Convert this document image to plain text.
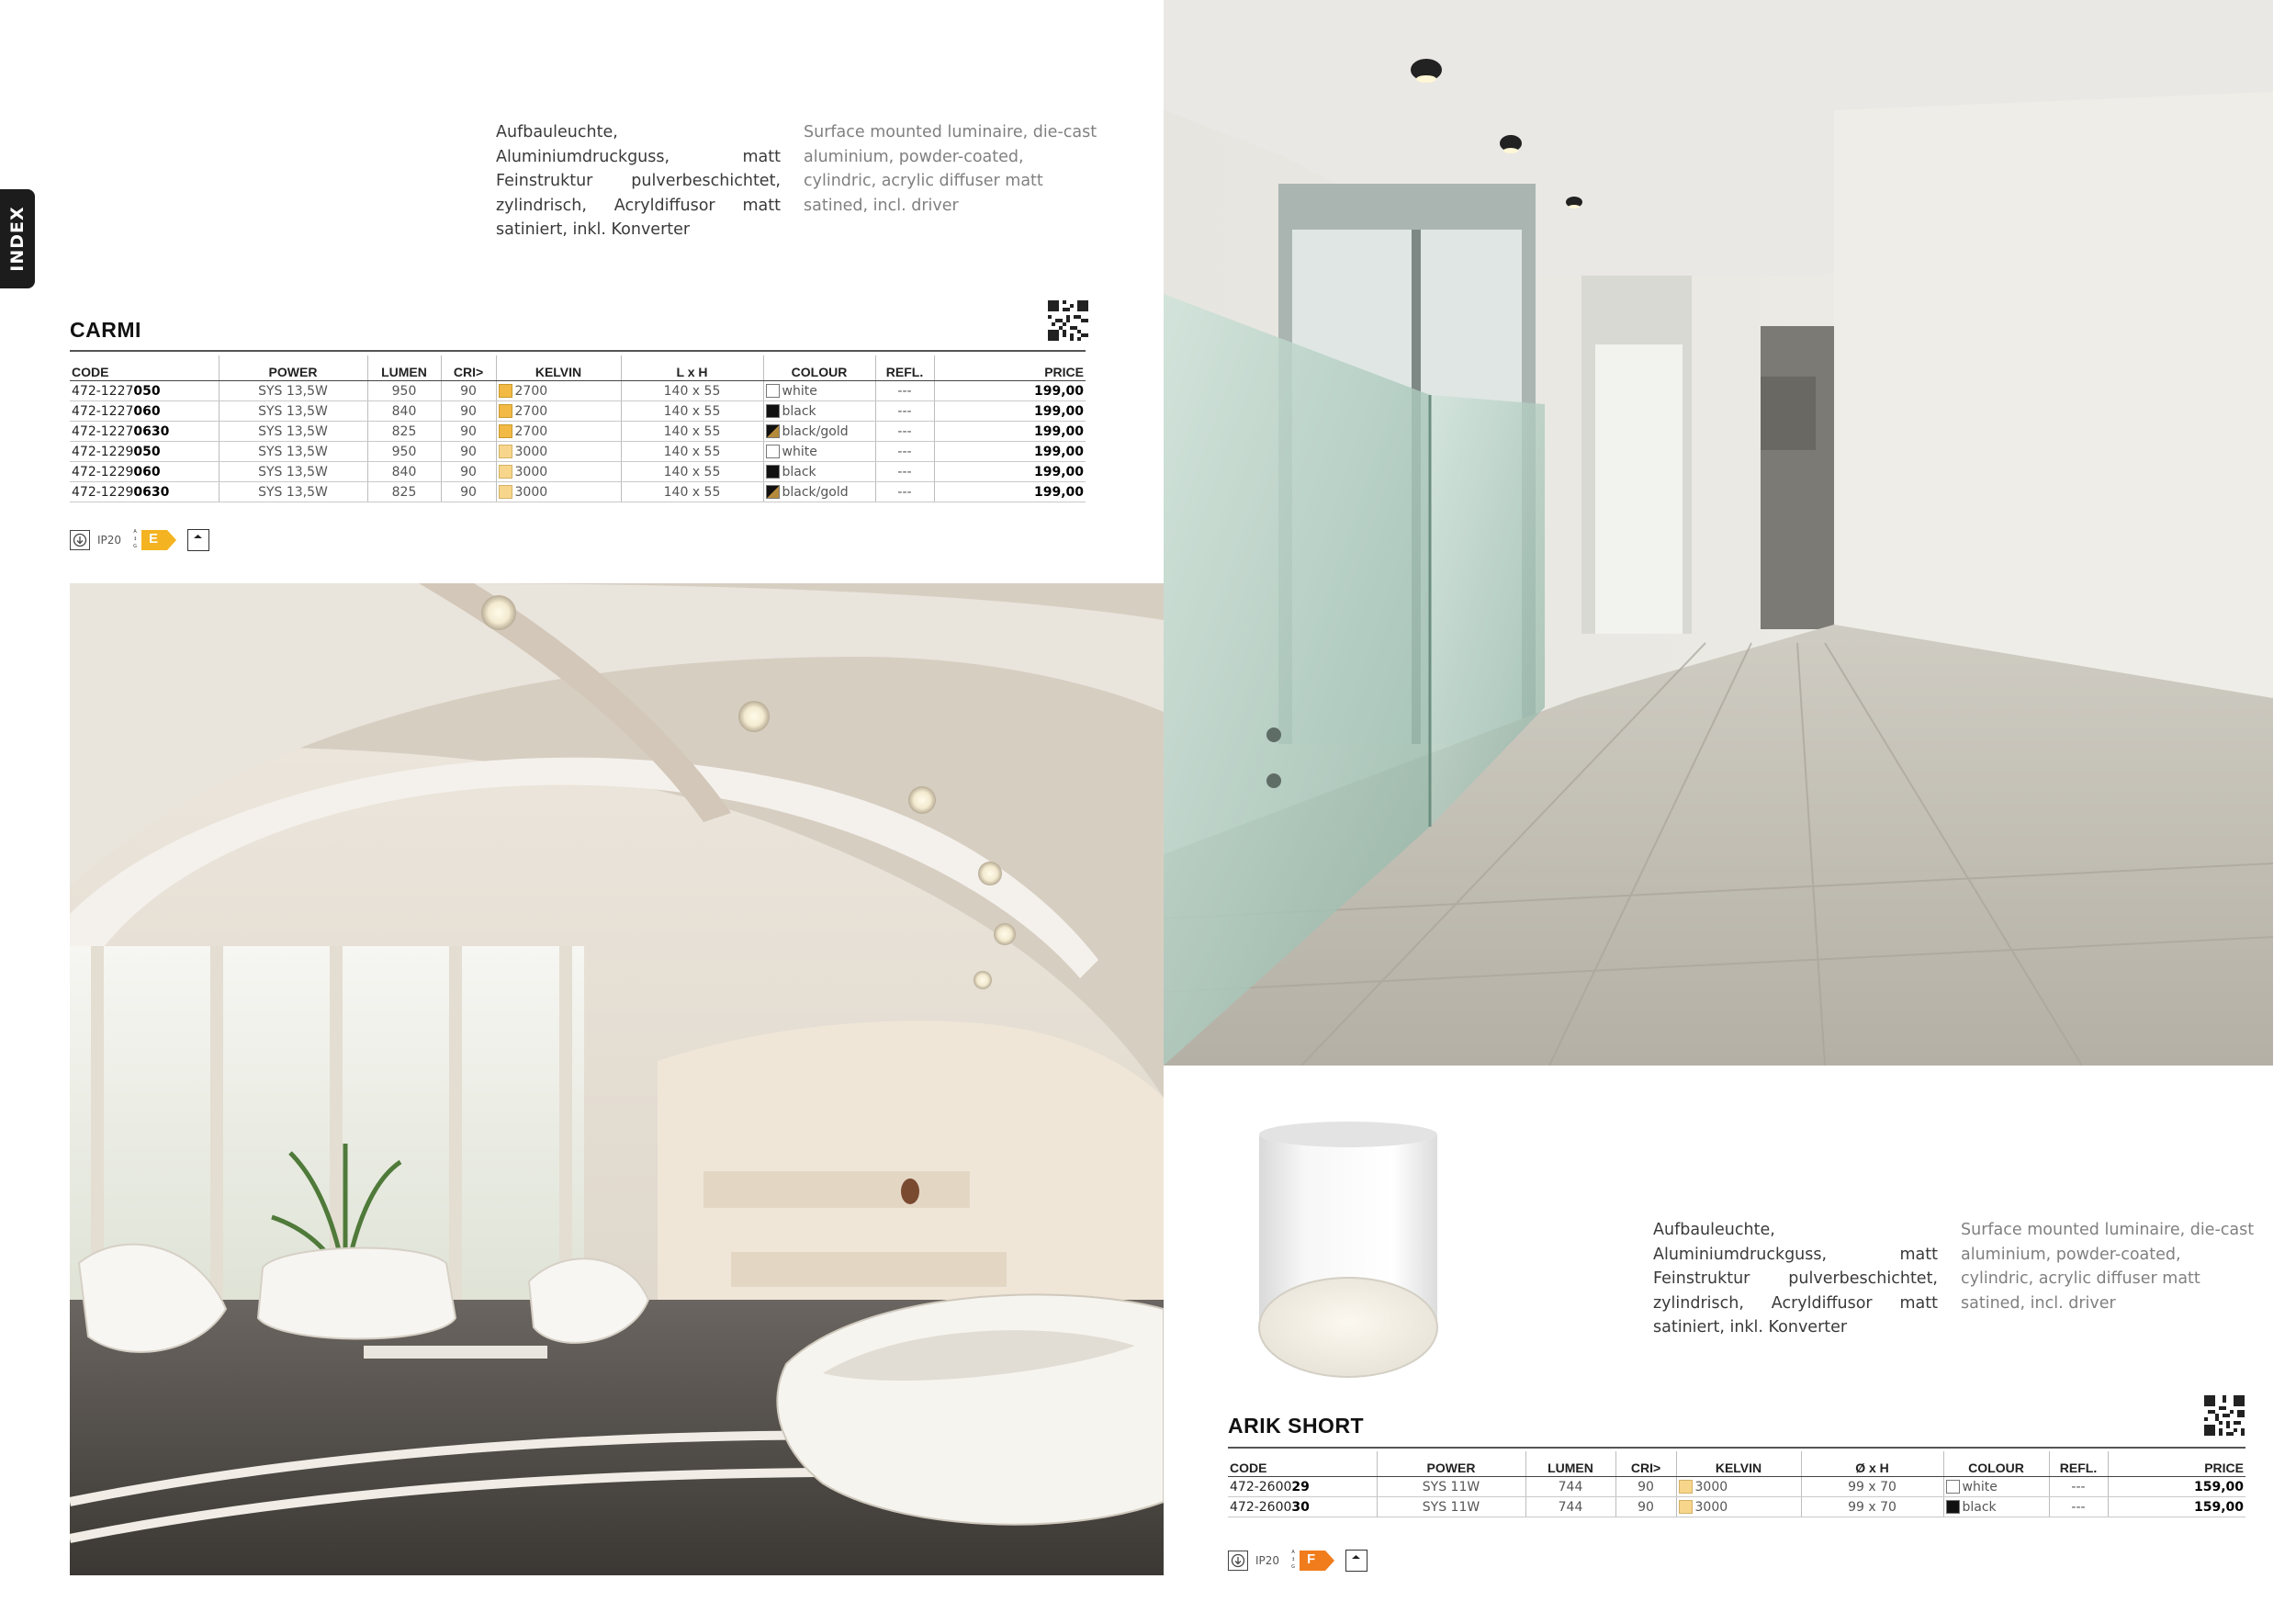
INDEX
Aufbauleuchte, Aluminiumdruckguss, matt Feinstruktur pulverbeschichtet, zylindrisch, Acryldiffusor matt satiniert, inkl. Konverter
Surface mounted luminaire, die-cast aluminium, powder-coated, cylindric, acrylic diffuser matt satined, incl. driver
CARMI
CODE	POWER	LUMEN	CRI>	KELVIN	L x H	COLOUR	REFL.	PRICE
472-1227050	SYS 13,5W	950	90	2700	140 x 55	white	---	199,00
472-1227060	SYS 13,5W	840	90	2700	140 x 55	black	---	199,00
472-12270630	SYS 13,5W	825	90	2700	140 x 55	black/gold	---	199,00
472-1229050	SYS 13,5W	950	90	3000	140 x 55	white	---	199,00
472-1229060	SYS 13,5W	840	90	3000	140 x 55	black	---	199,00
472-12290630	SYS 13,5W	825	90	3000	140 x 55	black/gold	---	199,00
IP20
A
↕
G E
Aufbauleuchte, Aluminiumdruckguss, matt Feinstruktur pulverbeschichtet, zylindrisch, Acryldiffusor matt satiniert, inkl. Konverter
Surface mounted luminaire, die-cast aluminium, powder-coated, cylindric, acrylic diffuser matt satined, incl. driver
ARIK SHORT
CODE	POWER	LUMEN	CRI>	KELVIN	Ø x H	COLOUR	REFL.	PRICE
472-260029	SYS 11W	744	90	3000	99 x 70	white	---	159,00
472-260030	SYS 11W	744	90	3000	99 x 70	black	---	159,00
IP20
A
↕
G F
